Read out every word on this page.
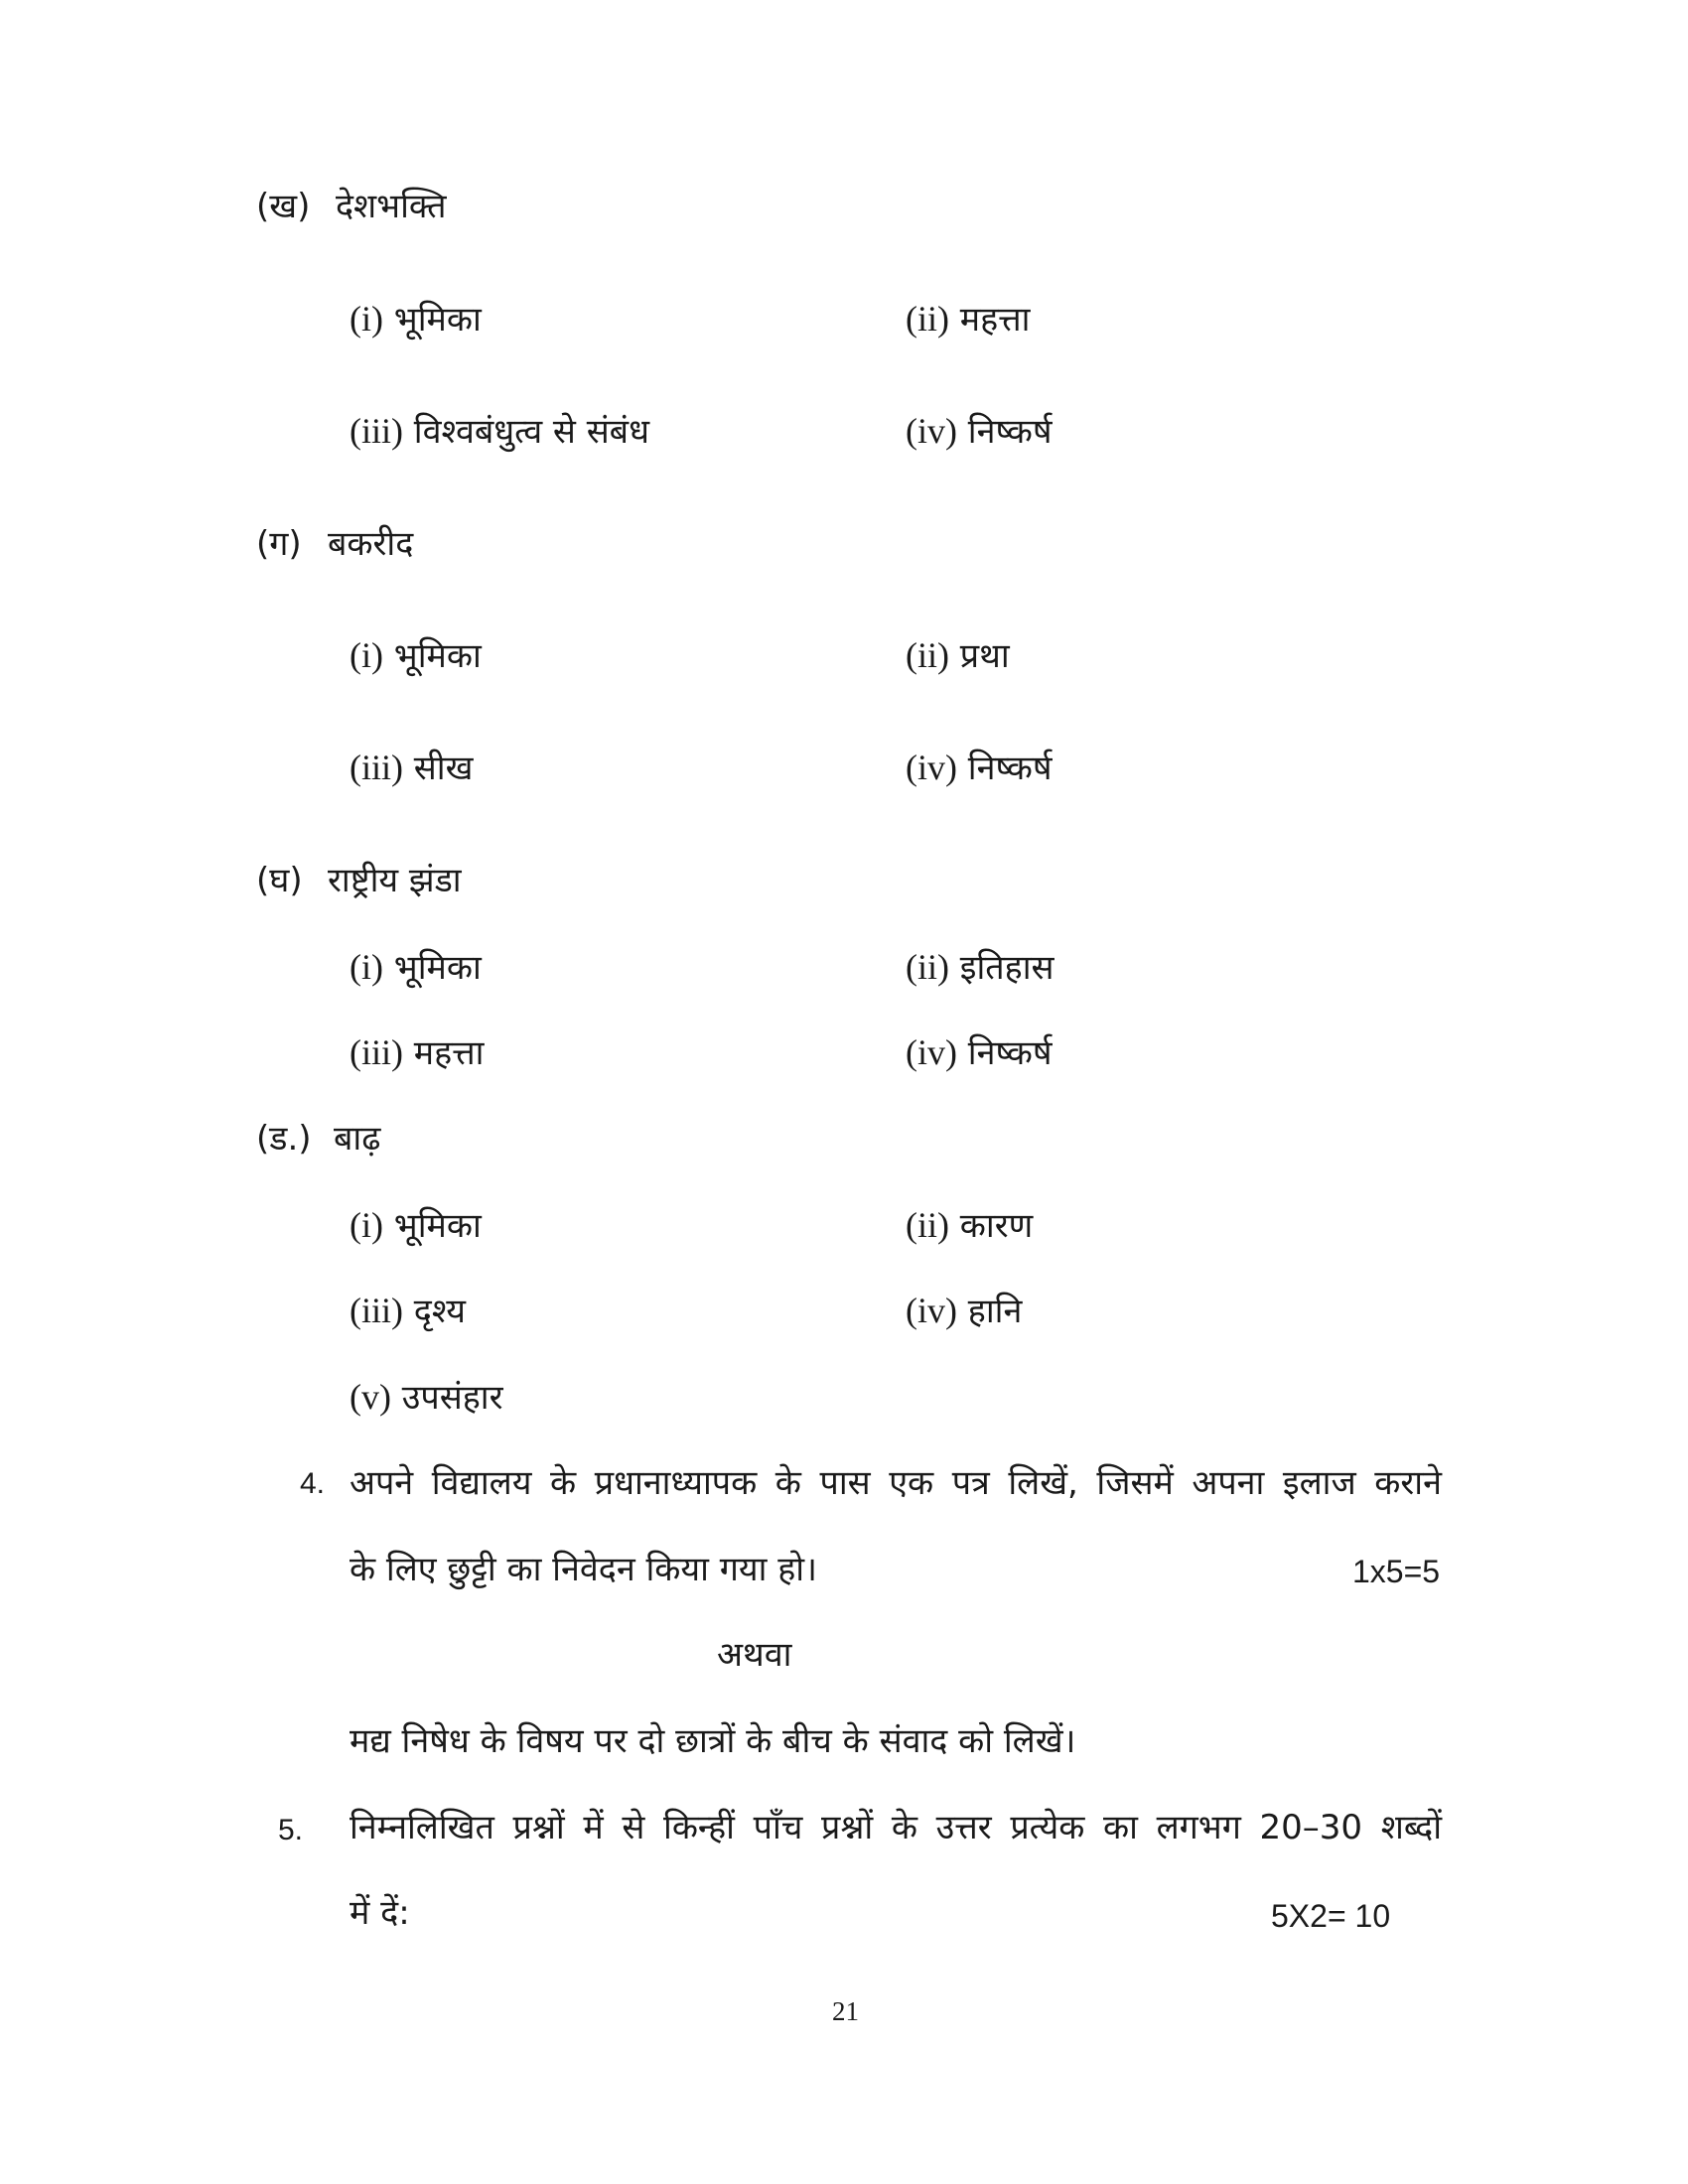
(ख) देशभक्ति
(i) भूमिका	(ii) महत्ता
(iii) विश्वबंधुत्व से संबंध	(iv) निष्कर्ष
(ग) बकरीद
(i) भूमिका	(ii) प्रथा
(iii) सीख	(iv) निष्कर्ष
(घ) राष्ट्रीय झंडा
(i) भूमिका	(ii) इतिहास
(iii) महत्ता	(iv) निष्कर्ष
(ड.) बाढ़
(i) भूमिका	(ii) कारण
(iii) दृश्य	(iv) हानि
(v) उपसंहार
4. अपने विद्यालय के प्रधानाध्यापक के पास एक पत्र लिखें, जिसमें अपना इलाज कराने
के लिए छुट्टी का निवेदन किया गया हो।	1x5=5
अथवा
मद्य निषेध के विषय पर दो छात्रों के बीच के संवाद को लिखें।
5. निम्नलिखित प्रश्नों में से किन्हीं पाँच प्रश्नों के उत्तर प्रत्येक का लगभग 20–30 शब्दों
में दें:	5X2= 10
21
